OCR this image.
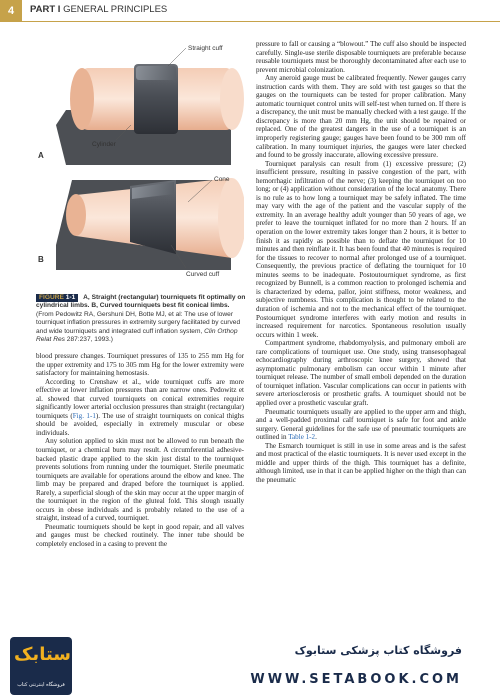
4	PART I GENERAL PRINCIPLES
Straight cuff
Cylinder
A
Cone
Curved cuff
B
FIGURE 1-1 A, Straight (rectangular) tourniquets fit optimally on cylindrical limbs. B, Curved tourniquets best fit conical limbs. (From Pedowitz RA, Gershuni DH, Botte MJ, et al: The use of lower tourniquet inflation pressures in extremity surgery facilitated by curved and wide tourniquets and integrated cuff inflation system, Clin Orthop Relat Res 287:237, 1993.)

blood pressure changes. Tourniquet pressures of 135 to 255 mm Hg for the upper extremity and 175 to 305 mm Hg for the lower extremity were satisfactory for maintaining hemostasis.

According to Crenshaw et al., wide tourniquet cuffs are more effective at lower inflation pressures than are narrow ones. Pedowitz et al. showed that curved tourniquets on conical extremities require significantly lower arterial occlusion pressures than straight (rectangular) tourniquets (Fig. 1-1). The use of straight tourniquets on conical thighs should be avoided, especially in extremely muscular or obese individuals.

Any solution applied to skin must not be allowed to run beneath the tourniquet, or a chemical burn may result. A circumferential adhesive-backed plastic drape applied to the skin just distal to the tourniquet prevents solutions from running under the tourniquet. Sterile pneumatic tourniquets are available for operations around the elbow and knee. The limb may be prepared and draped before the tourniquet is applied. Rarely, a superficial slough of the skin may occur at the upper margin of the tourniquet in the region of the gluteal fold. This slough usually occurs in obese individuals and is probably related to the use of a straight, instead of a curved, tourniquet.

Pneumatic tourniquets should be kept in good repair, and all valves and gauges must be checked routinely. The inner tube should be completely enclosed in a casing to prevent the

pressure to fall or causing a “blowout.” The cuff also should be inspected carefully. Single-use sterile disposable tourniquets are preferable because reusable tourniquets must be thoroughly decontaminated after each use to prevent microbial colonization.

Any aneroid gauge must be calibrated frequently. Newer gauges carry instruction cards with them. They are sold with test gauges so that the gauges on the tourniquets can be tested for proper calibration. Many automatic tourniquet control units will self-test when turned on. If there is a discrepancy, the unit must be manually checked with a test gauge. If the discrepancy is more than 20 mm Hg, the unit should be repaired or replaced. One of the greatest dangers in the use of a tourniquet is an improperly registering gauge; gauges have been found to be 300 mm off calibration. In many tourniquet injuries, the gauges were later checked and found to be grossly inaccurate, allowing excessive pressure.

Tourniquet paralysis can result from (1) excessive pressure; (2) insufficient pressure, resulting in passive congestion of the part, with hemorrhagic infiltration of the nerve; (3) keeping the tourniquet on too long; or (4) application without consideration of the local anatomy. There is no rule as to how long a tourniquet may be safely inflated. The time may vary with the age of the patient and the vascular supply of the extremity. In an average healthy adult younger than 50 years of age, we prefer to leave the tourniquet inflated for no more than 2 hours. If an operation on the lower extremity takes longer than 2 hours, it is better to finish it as rapidly as possible than to deflate the tourniquet for 10 minutes and then reinflate it. It has been found that 40 minutes is required for the tissues to recover to normal after prolonged use of a tourniquet. Consequently, the previous practice of deflating the tourniquet for 10 minutes seems to be inadequate. Postoutourniquet syndrome, as first recognized by Bunnell, is a common reaction to prolonged ischemia and is characterized by edema, pallor, joint stiffness, motor weakness, and subjective numbness. This complication is thought to be related to the duration of ischemia and not to the mechanical effect of the tourniquet. Postourniquet syndrome interferes with early motion and results in increased requirement for narcotics. Spontaneous resolution usually occurs within 1 week.

Compartment syndrome, rhabdomyolysis, and pulmonary emboli are rare complications of tourniquet use. One study, using transesophageal echocardiography during arthroscopic knee surgery, showed that asymptomatic pulmonary embolism can occur within 1 minute after tourniquet release. The number of small emboli depended on the duration of tourniquet inflation. Vascular complications can occur in patients with severe arteriosclerosis or prosthetic grafts. A tourniquet should not be applied over a prosthetic vascular graft.

Pneumatic tourniquets usually are applied to the upper arm and thigh, and a well-padded proximal calf tourniquet is safe for foot and ankle surgery. General guidelines for the safe use of pneumatic tourniquets are outlined in Table 1-2.

The Esmarch tourniquet is still in use in some areas and is the safest and most practical of the elastic tourniquets. It is never used except in the middle and upper thirds of the thigh. This tourniquet has a definite, although limited, use in that it can be applied higher on the thigh than can the pneumatic

ستابک
فروشگاه اینترنتی کتاب
فروشگاه کتاب پزشکی ستابوک
WWW.SETABOOK.COM
